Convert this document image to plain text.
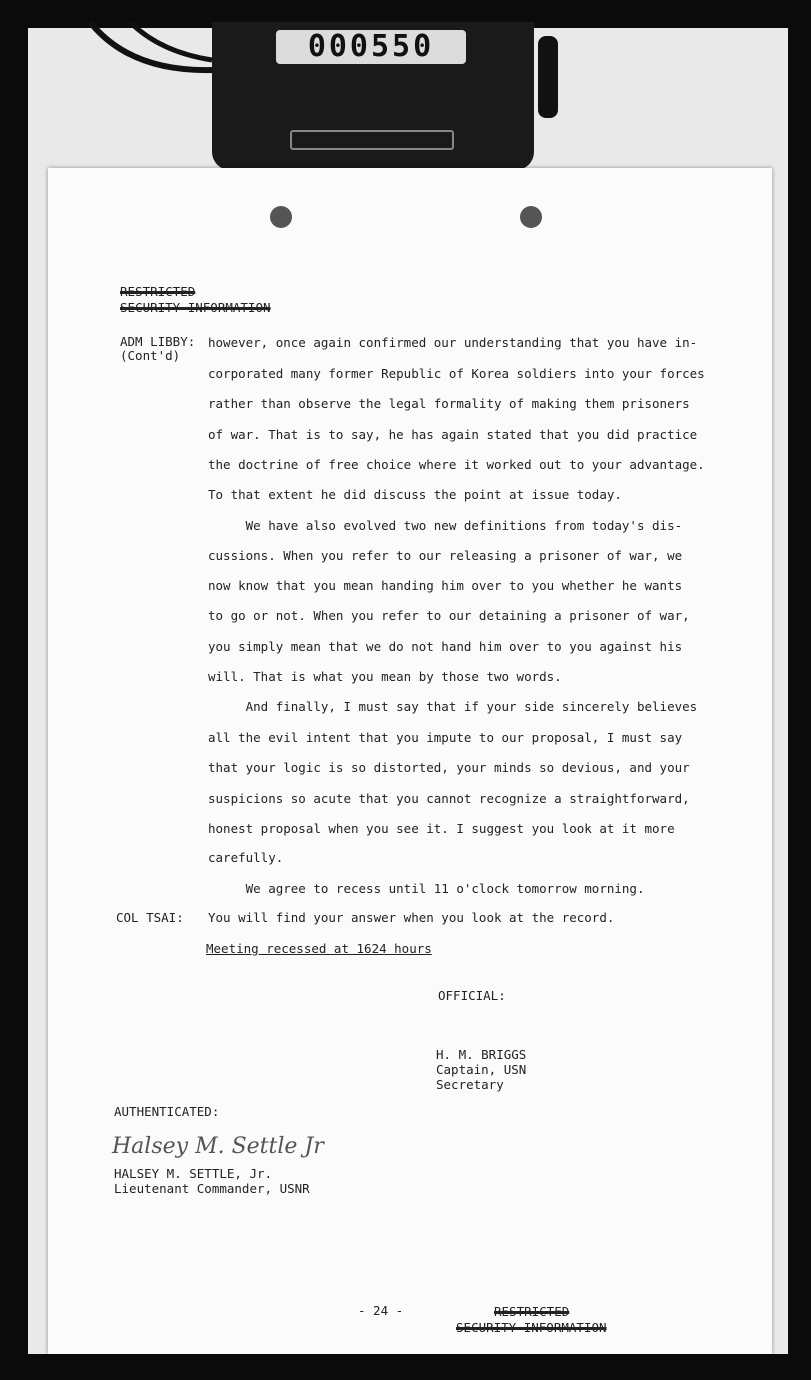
000550
RESTRICTED
SECURITY INFORMATION
ADM LIBBY:
(Cont'd)
however, once again confirmed our understanding that you have in-
corporated many former Republic of Korea soldiers into your forces
rather than observe the legal formality of making them prisoners
of war. That is to say, he has again stated that you did practice
the doctrine of free choice where it worked out to your advantage.
To that extent he did discuss the point at issue today.
We have also evolved two new definitions from today's dis-
cussions. When you refer to our releasing a prisoner of war, we
now know that you mean handing him over to you whether he wants
to go or not. When you refer to our detaining a prisoner of war,
you simply mean that we do not hand him over to you against his
will. That is what you mean by those two words.
And finally, I must say that if your side sincerely believes
all the evil intent that you impute to our proposal, I must say
that your logic is so distorted, your minds so devious, and your
suspicions so acute that you cannot recognize a straightforward,
honest proposal when you see it. I suggest you look at it more
carefully.
We agree to recess until 11 o'clock tomorrow morning.
COL TSAI: You will find your answer when you look at the record.
Meeting recessed at 1624 hours
OFFICIAL:
H. M. BRIGGS
Captain, USN
Secretary
AUTHENTICATED:
Halsey M. Settle Jr
HALSEY M. SETTLE, Jr.
Lieutenant Commander, USNR
- 24 -	RESTRICTED
SECURITY INFORMATION
